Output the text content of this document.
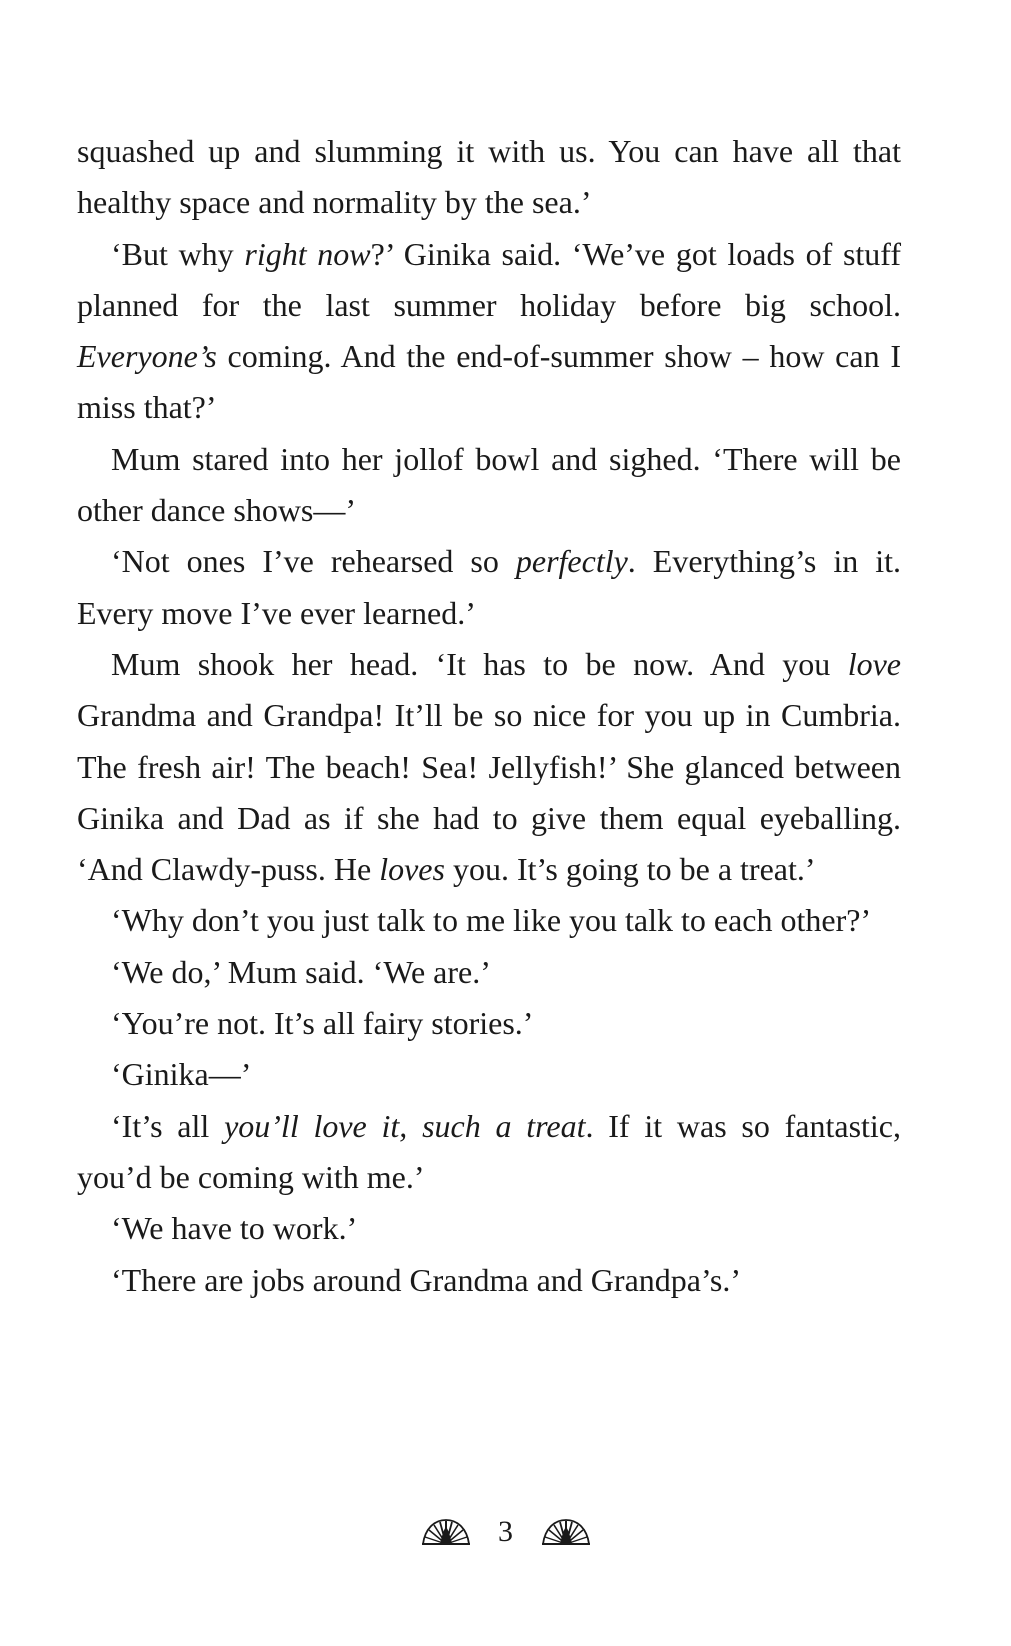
squashed up and slumming it with us. You can have all that healthy space and normality by the sea.’

‘But why right now?’ Ginika said. ‘We’ve got loads of stuff planned for the last summer holiday before big school. Everyone’s coming. And the end-of-summer show – how can I miss that?’

Mum stared into her jollof bowl and sighed. ‘There will be other dance shows—’

‘Not ones I’ve rehearsed so perfectly. Everything’s in it. Every move I’ve ever learned.’

Mum shook her head. ‘It has to be now. And you love Grandma and Grandpa! It’ll be so nice for you up in Cumbria. The fresh air! The beach! Sea! Jellyfish!’ She glanced between Ginika and Dad as if she had to give them equal eyeballing. ‘And Clawdy-puss. He loves you. It’s going to be a treat.’

‘Why don’t you just talk to me like you talk to each other?’

‘We do,’ Mum said. ‘We are.’

‘You’re not. It’s all fairy stories.’

‘Ginika—’

‘It’s all you’ll love it, such a treat. If it was so fantastic, you’d be coming with me.’

‘We have to work.’

‘There are jobs around Grandma and Grandpa’s.’

3
